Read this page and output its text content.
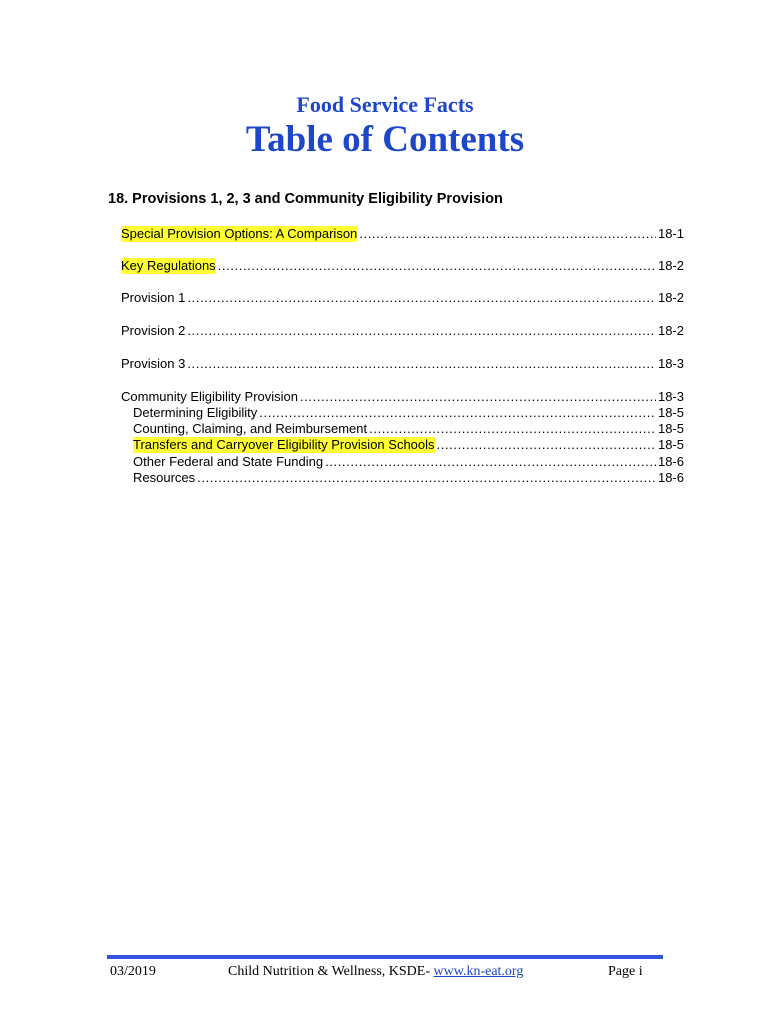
Food Service Facts
Table of Contents
18. Provisions 1, 2, 3 and Community Eligibility Provision
Special Provision Options: A Comparison .....	18-1
Key Regulations .....	18-2
Provision 1 .....	18-2
Provision 2 .....	18-2
Provision 3 .....	18-3
Community Eligibility Provision .....	18-3
Determining Eligibility .....	18-5
Counting, Claiming, and Reimbursement .....	18-5
Transfers and Carryover Eligibility Provision Schools .....	18-5
Other Federal and State Funding .....	18-6
Resources .....	18-6
03/2019	Child Nutrition & Wellness, KSDE- www.kn-eat.org	Page i
